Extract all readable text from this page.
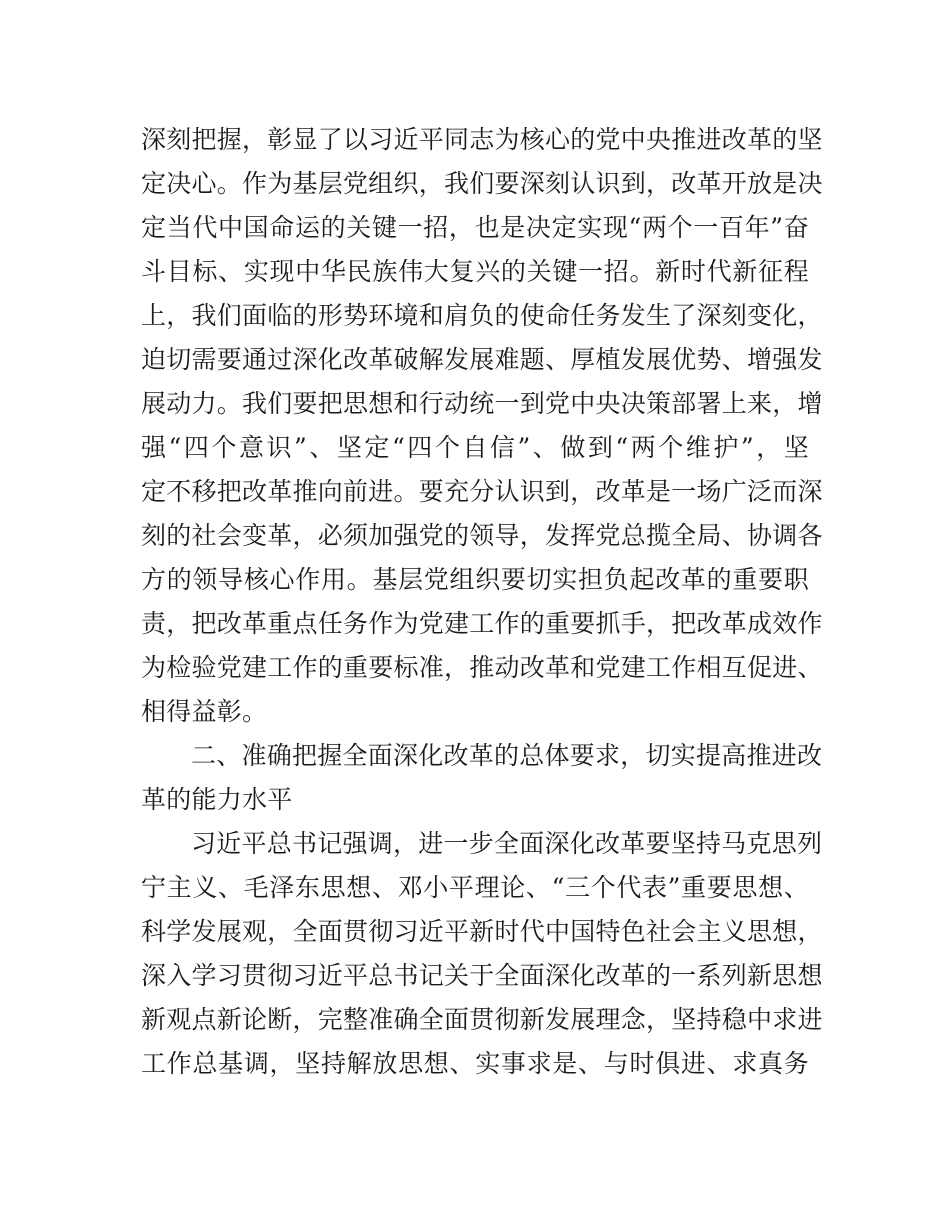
深刻把握，彰显了以习近平同志为核心的党中央推进改革的坚
定决心。作为基层党组织，我们要深刻认识到，改革开放是决
定当代中国命运的关键一招，也是决定实现“两个一百年”奋
斗目标、实现中华民族伟大复兴的关键一招。新时代新征程
上，我们面临的形势环境和肩负的使命任务发生了深刻变化，
迫切需要通过深化改革破解发展难题、厚植发展优势、增强发
展动力。我们要把思想和行动统一到党中央决策部署上来，增
强“四个意识”、坚定“四个自信”、做到“两个维护”，坚
定不移把改革推向前进。要充分认识到，改革是一场广泛而深
刻的社会变革，必须加强党的领导，发挥党总揽全局、协调各
方的领导核心作用。基层党组织要切实担负起改革的重要职
责，把改革重点任务作为党建工作的重要抓手，把改革成效作
为检验党建工作的重要标准，推动改革和党建工作相互促进、
相得益彰。
二、准确把握全面深化改革的总体要求，切实提高推进改
革的能力水平
习近平总书记强调，进一步全面深化改革要坚持马克思列
宁主义、毛泽东思想、邓小平理论、“三个代表”重要思想、
科学发展观，全面贯彻习近平新时代中国特色社会主义思想，
深入学习贯彻习近平总书记关于全面深化改革的一系列新思想
新观点新论断，完整准确全面贯彻新发展理念，坚持稳中求进
工作总基调，坚持解放思想、实事求是、与时俱进、求真务
